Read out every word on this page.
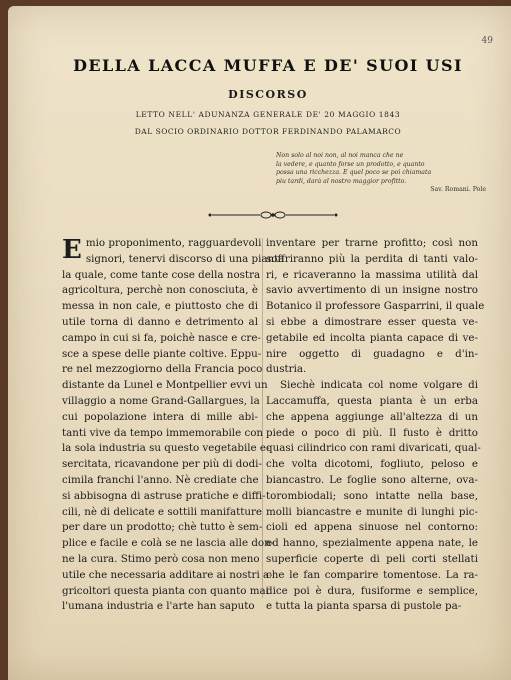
49
DELLA LACCA MUFFA E DE' SUOI USI
DISCORSO
LETTO NELL' ADUNANZA GENERALE DE' 20 MAGGIO 1843
DAL SOCIO ORDINARIO DOTTOR FERDINANDO PALAMARCO
Non solo al noi non, al noi manca che ne
la vedere, e quanto forse un prodotto, e quanto
possa una ricchezza. E quel poco se poi chiamata
piu tardi, darà al nostro maggior profitto.
Sav. Romani. Pole
E mio proponimento, ragguardevoli
signori, tenervi discorso di una pianta
la quale, come tante cose della nostra
agricoltura, perchè non conosciuta, è
messa in non cale, e piuttosto che di
utile torna di danno e detrimento al
campo in cui si fa, poichè nasce e cre-
sce a spese delle piante coltive. Eppu-
re nel mezzogiorno della Francia poco
distante da Lunel e Montpellier evvi un
villaggio a nome Grand-Gallargues, la
cui popolazione intera di mille abi-
tanti vive da tempo immemorabile con
la sola industria su questo vegetabile e-
sercitata, ricavandone per più di dodi-
cimila franchi l'anno. Nè crediate che
si abbisogna di astruse pratiche e diffi-
cili, nè di delicate e sottili manifatture
per dare un prodotto; chè tutto è sem-
plice e facile e colà se ne lascia alle don-
ne la cura. Stimo però cosa non meno
utile che necessaria additare ai nostri a-
gricoltori questa pianta con quanto mai
l'umana industria e l'arte han saputo
inventare per trarne profitto; così non
soffriranno più la perdita di tanti valo-
ri, e ricaveranno la massima utilità dal
savio avvertimento di un insigne nostro
Botanico il professore Gasparrini, il quale
si ebbe a dimostrare esser questa ve-
getabile ed incolta pianta capace di ve-
nire oggetto di guadagno e d'in-
dustria.
Siechè indicata col nome volgare di
Laccamuffa, questa pianta è un erba
che appena aggiunge all'altezza di un
piede o poco di più. Il fusto è dritto
quasi cilindrico con rami divaricati, qual-
che volta dicotomi, fogliuto, peloso e
biancastro. Le foglie sono alterne, ova-
torombiodali; sono intatte nella base,
molli biancastre e munite di lunghi pic-
cioli ed appena sinuose nel contorno:
ed hanno, spezialmente appena nate, le
superficie coperte di peli corti stellati
che le fan comparire tomentose. La ra-
dice poi è dura, fusiforme e semplice,
e tutta la pianta sparsa di pustole pa-
